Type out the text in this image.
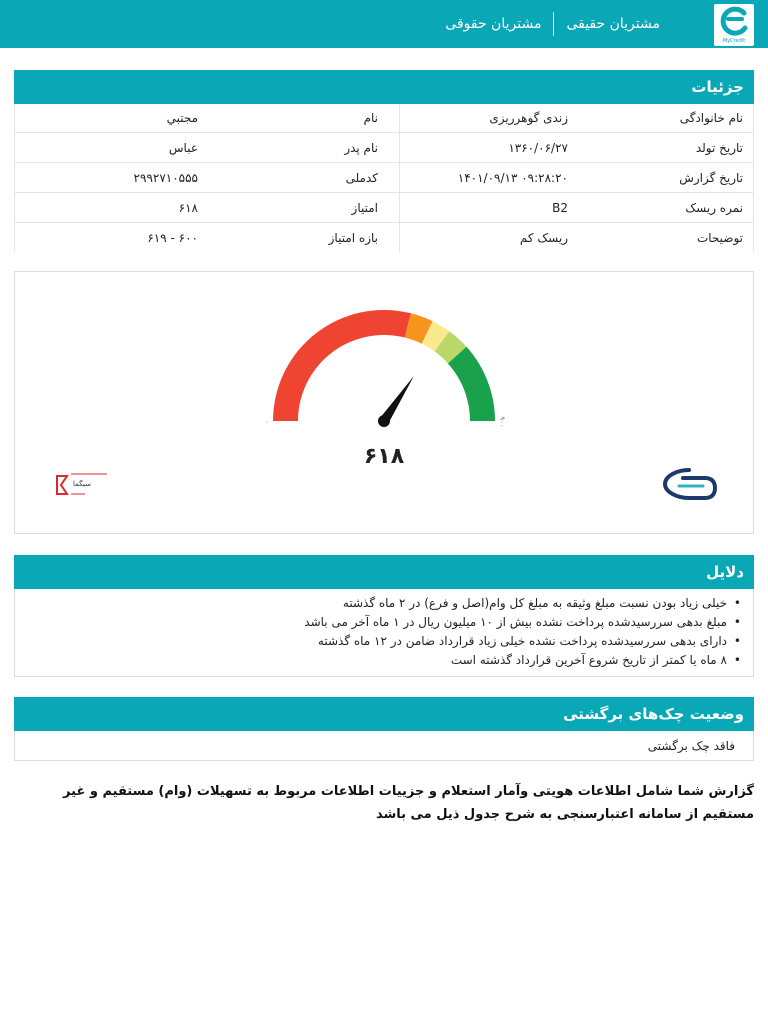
MyCredit
مشتریان حقیقی
مشتریان حقوقی
جزئیات
نام خانوادگی
زندی گوهرریزی
نام
مجتبي
تاریخ تولد
۱۳۶۰/۰۶/۲۷
نام پدر
عباس
تاریخ گزارش
۱۴۰۱/۰۹/۱۳ ۰۹:۲۸:۲۰
کدملی
۲۹۹۲۷۱۰۵۵۵
نمره ریسک
B2
امتیاز
۶۱۸
توضیحات
ریسک کم
بازه امتیاز
۶۰۰ - ۶۱۹
۰	۹۰۰
۶۱۸
سیگما
دلایل
• خیلی زیاد بودن نسبت مبلغ وثیقه به مبلغ کل وام(اصل و فرع) در ۲ ماه گذشته
• مبلغ بدهی سررسیدشده پرداخت نشده بیش از ۱۰ میلیون ریال در ۱ ماه آخر می باشد
• دارای بدهی سررسیدشده پرداخت نشده خیلی زیاد قرارداد ضامن در ۱۲ ماه گذشته
• ۸ ماه یا کمتر از تاریخ شروع آخرین قرارداد گذشته است
وضعیت چک‌های برگشتی
فاقد چک برگشتی
گزارش شما شامل اطلاعات هویتی وآمار استعلام و جزییات اطلاعات مربوط به تسهیلات (وام) مستقیم و غیر مستقیم از سامانه اعتبارسنجی به شرح جدول ذیل می باشد
